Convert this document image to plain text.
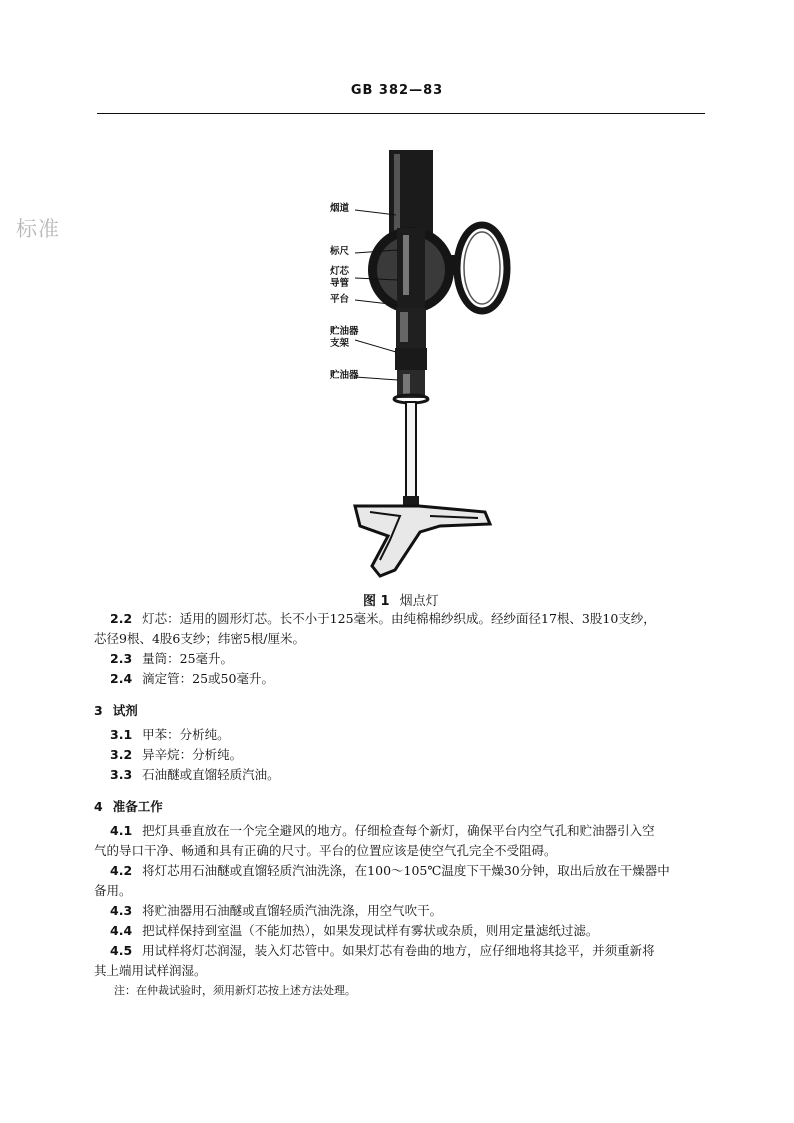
GB 382—83
标准
烟道
标尺
灯芯
导管
平台
贮油器
支架
贮油器
图 1 烟点灯
2.2 灯芯：适用的圆形灯芯。长不小于125毫米。由纯棉棉纱织成。经纱面径17根、3股10支纱，
芯径9根、4股6支纱；纬密5根/厘米。
2.3 量筒：25毫升。
2.4 滴定管：25或50毫升。
3 试剂
3.1 甲苯：分析纯。
3.2 异辛烷：分析纯。
3.3 石油醚或直馏轻质汽油。
4 准备工作
4.1 把灯具垂直放在一个完全避风的地方。仔细检查每个新灯，确保平台内空气孔和贮油器引入空
气的导口干净、畅通和具有正确的尺寸。平台的位置应该是使空气孔完全不受阻碍。
4.2 将灯芯用石油醚或直馏轻质汽油洗涤，在100～105℃温度下干燥30分钟，取出后放在干燥器中
备用。
4.3 将贮油器用石油醚或直馏轻质汽油洗涤，用空气吹干。
4.4 把试样保持到室温（不能加热），如果发现试样有雾状或杂质，则用定量滤纸过滤。
4.5 用试样将灯芯润湿，装入灯芯管中。如果灯芯有卷曲的地方，应仔细地将其捻平，并须重新将
其上端用试样润湿。
注：在仲裁试验时，须用新灯芯按上述方法处理。
